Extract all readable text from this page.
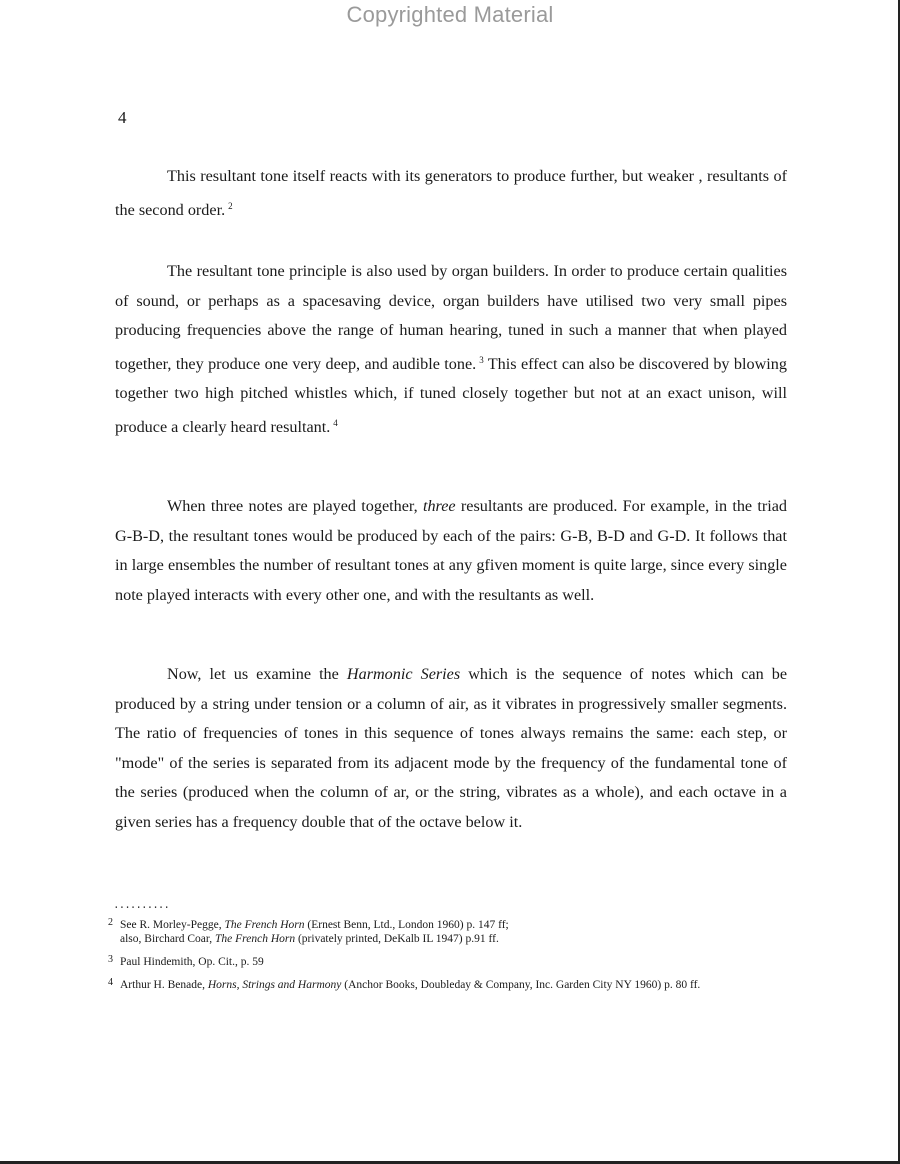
Copyrighted Material
4

This resultant tone itself reacts with its generators to produce further, but weaker , resultants of the second order. $^2$

The resultant tone principle is also used by organ builders. In order to produce certain qualities of sound, or perhaps as a spacesaving device, organ builders have utilised two very small pipes producing frequencies above the range of human hearing, tuned in such a manner that when played together, they produce one very deep, and audible tone. $^3$ This effect can also be discovered by blowing together two high pitched whistles which, if tuned closely together but not at an exact unison, will produce a clearly heard resultant. $^4$

When three notes are played together, three resultants are produced. For example, in the triad G-B-D, the resultant tones would be produced by each of the pairs: G-B, B-D and G-D. It follows that in large ensembles the number of resultant tones at any gfiven moment is quite large, since every single note played interacts with every other one, and with the resultants as well.

Now, let us examine the Harmonic Series which is the sequence of notes which can be produced by a string under tension or a column of air, as it vibrates in progressively smaller segments. The ratio of frequencies of tones in this sequence of tones always remains the same: each step, or "mode" of the series is separated from its adjacent mode by the frequency of the fundamental tone of the series (produced when the column of ar, or the string, vibrates as a whole), and each octave in a given series has a frequency double that of the octave below it.

..........

2 See R. Morley-Pegge, The French Horn (Ernest Benn, Ltd., London 1960) p. 147 ff;
also, Birchard Coar, The French Horn (privately printed, DeKalb IL 1947) p.91 ff.

3 Paul Hindemith, Op. Cit., p. 59

4 Arthur H. Benade, Horns, Strings and Harmony (Anchor Books, Doubleday & Company, Inc. Garden City NY 1960) p. 80 ff.
